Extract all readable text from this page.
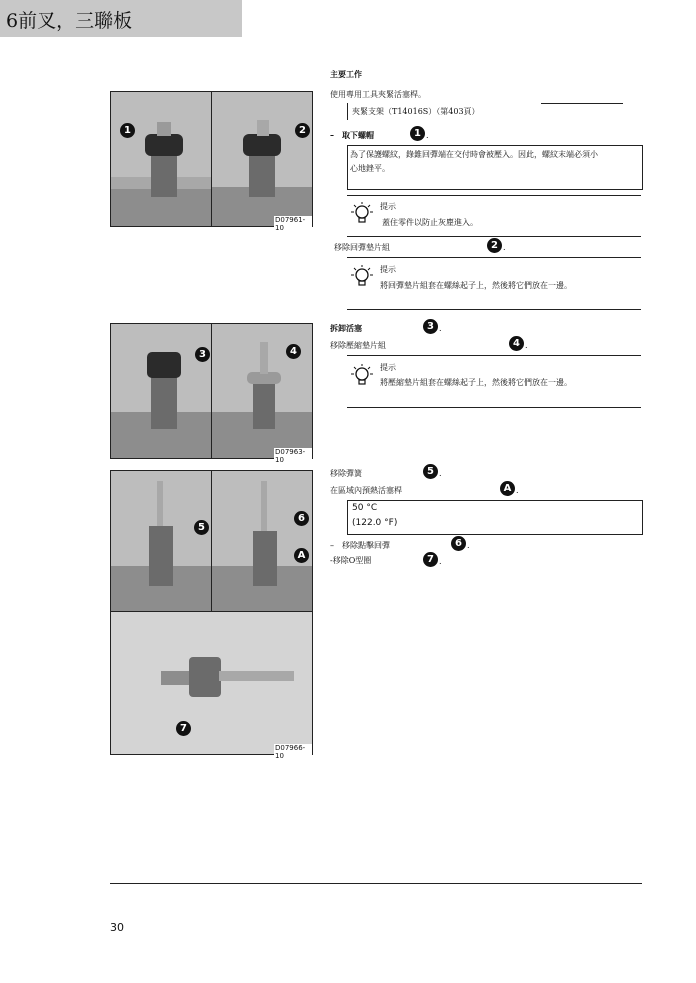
6前叉，三聯板
1	2
D07961-10
3	4
D07963-10
5
6
A
7
D07966-10
主要工作
使用專用工具夾緊活塞桿。
夾緊支架（T14016S）（第403頁）
–　取下螺帽	1 .
為了保護螺紋，錄錐回彈端在交付時會被壓入。因此，螺紋末端必須小
心地銼平。
提示
蓋住零件以防止灰塵進入。
移除回彈墊片組	2 .
提示
將回彈墊片組套在螺絲起子上，然後將它們放在一邊。
拆卸活塞	3 .
移除壓縮墊片組	4 .
提示
將壓縮墊片組套在螺絲起子上，然後將它們放在一邊。
移除彈簧	5 .
在區域內預熱活塞桿	A .
50 °C
(122.0 °F)
–　移除點擊回彈	6 .
-移除O型圈	7 .
30
